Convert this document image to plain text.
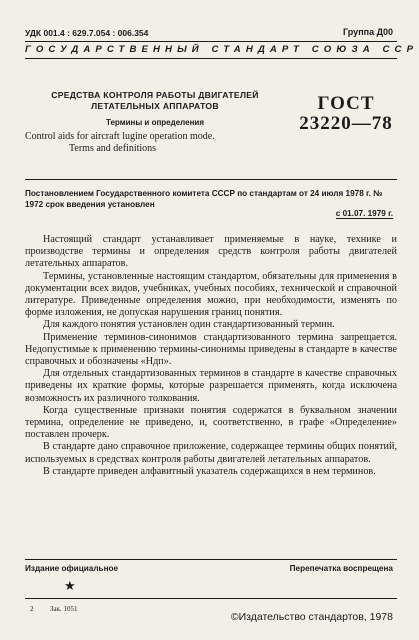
УДК 001.4 : 629.7.054 : 006.354	Группа Д00
ГОСУДАРСТВЕННЫЙ СТАНДАРТ СОЮЗА ССР
СРЕДСТВА КОНТРОЛЯ РАБОТЫ ДВИГАТЕЛЕЙ
ЛЕТАТЕЛЬНЫХ АППАРАТОВ
Термины и определения
Control aids for aircraft lugine operation mode.
Terms and definitions
ГОСТ
23220—78
Постановлением Государственного комитета СССР по стандартам от 24 июля 1978 г. № 1972 срок введения установлен
с 01.07. 1979 г.

Настоящий стандарт устанавливает применяемые в науке, технике и производстве термины и определения средств контроля работы двигателей летательных аппаратов.

Термины, установленные настоящим стандартом, обязательны для применения в документации всех видов, учебниках, учебных пособиях, технической и справочной литературе. Приведенные определения можно, при необходимости, изменять по форме изложения, не допуская нарушения границ понятия.

Для каждого понятия установлен один стандартизованный термин.

Применение терминов-синонимов стандартизованного термина запрещается. Недопустимые к применению термины-синонимы приведены в стандарте в качестве справочных и обозначены «Ндп».

Для отдельных стандартизованных терминов в стандарте в качестве справочных приведены их краткие формы, которые разрешается применять, когда исключена возможность их различного толкования.

Когда существенные признаки понятия содержатся в буквальном значении термина, определение не приведено, и, соответственно, в графе «Определение» поставлен прочерк.

В стандарте дано справочное приложение, содержащее термины общих понятий, используемых в средствах контроля работы двигателей летательных аппаратов.

В стандарте приведен алфавитный указатель содержащихся в нем терминов.

Издание официальное	Перепечатка воспрещена
★
2 Зак. 1051
©Издательство стандартов, 1978
